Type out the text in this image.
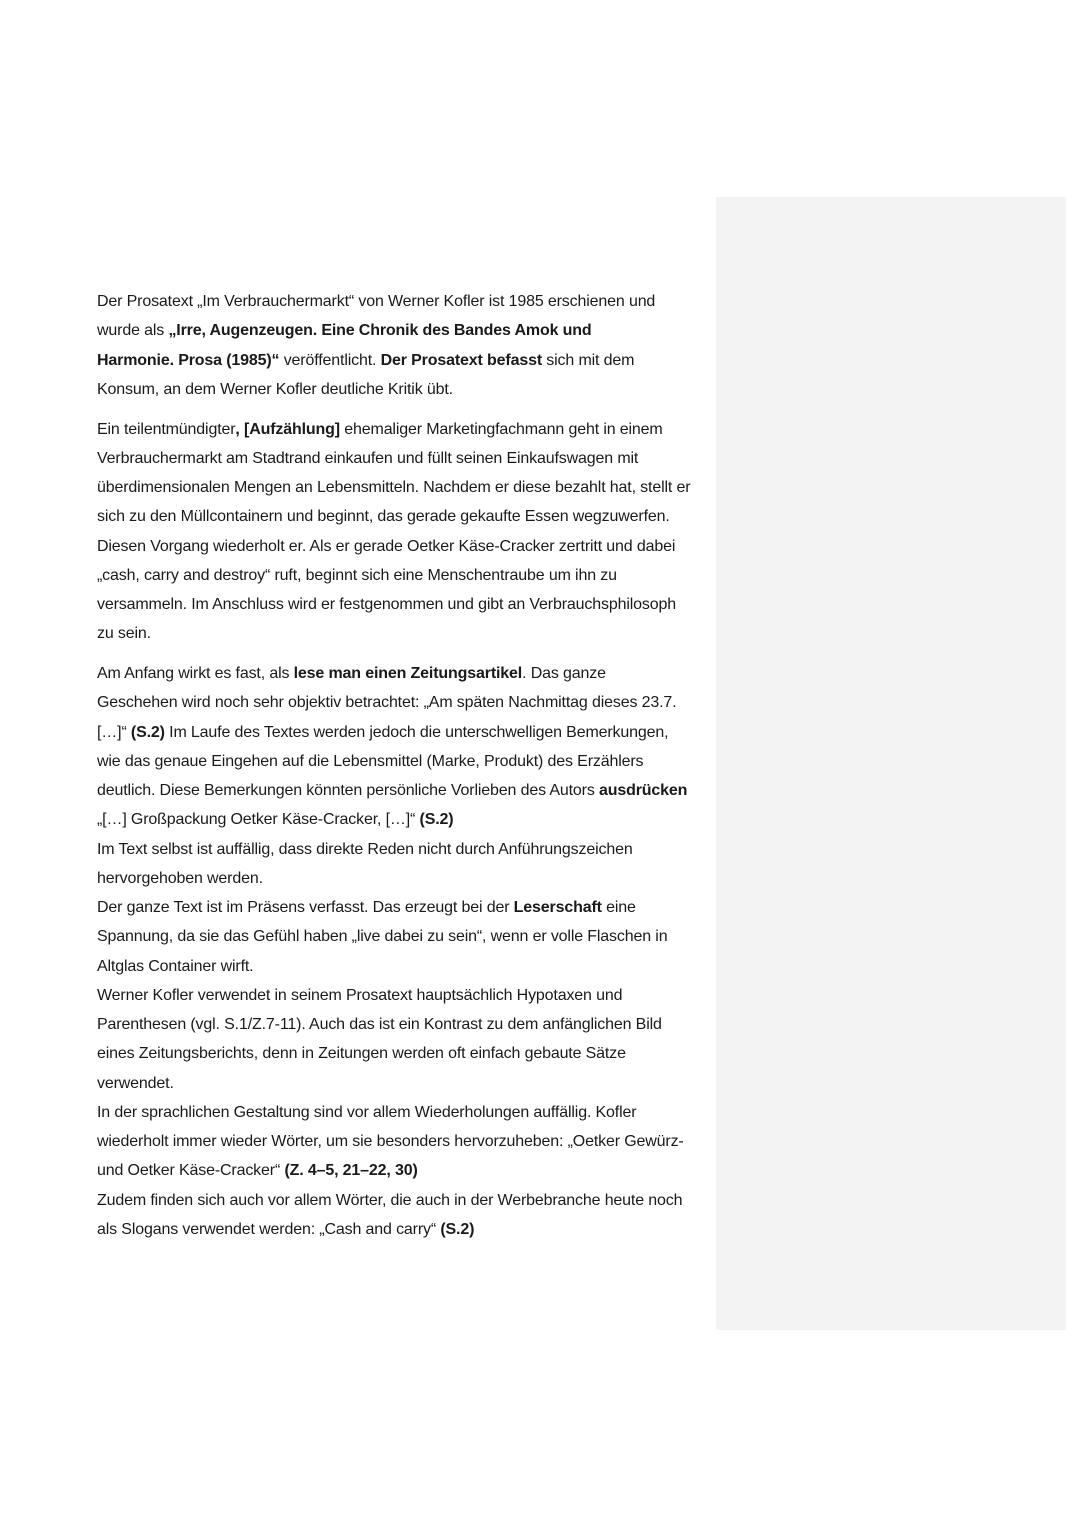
Der Prosatext „Im Verbrauchermarkt“ von Werner Kofler ist 1985 erschienen und
wurde als „Irre, Augenzeugen. Eine Chronik des Bandes Amok und
Harmonie. Prosa (1985)“ veröffentlicht. Der Prosatext befasst sich mit dem
Konsum, an dem Werner Kofler deutliche Kritik übt.
Ein teilentmündigter, [Aufzählung] ehemaliger Marketingfachmann geht in einem
Verbrauchermarkt am Stadtrand einkaufen und füllt seinen Einkaufswagen mit
überdimensionalen Mengen an Lebensmitteln. Nachdem er diese bezahlt hat, stellt er
sich zu den Müllcontainern und beginnt, das gerade gekaufte Essen wegzuwerfen.
Diesen Vorgang wiederholt er. Als er gerade Oetker Käse-Cracker zertritt und dabei
„cash, carry and destroy“ ruft, beginnt sich eine Menschentraube um ihn zu
versammeln. Im Anschluss wird er festgenommen und gibt an Verbrauchsphilosoph
zu sein.
Am Anfang wirkt es fast, als lese man einen Zeitungsartikel. Das ganze
Geschehen wird noch sehr objektiv betrachtet: „Am späten Nachmittag dieses 23.7.
[…]“ (S.2) Im Laufe des Textes werden jedoch die unterschwelligen Bemerkungen,
wie das genaue Eingehen auf die Lebensmittel (Marke, Produkt) des Erzählers
deutlich. Diese Bemerkungen könnten persönliche Vorlieben des Autors ausdrücken
„[…] Großpackung Oetker Käse-Cracker, […]“ (S.2)
Im Text selbst ist auffällig, dass direkte Reden nicht durch Anführungszeichen
hervorgehoben werden.
Der ganze Text ist im Präsens verfasst. Das erzeugt bei der Leserschaft eine
Spannung, da sie das Gefühl haben „live dabei zu sein“, wenn er volle Flaschen in
Altglas Container wirft.
Werner Kofler verwendet in seinem Prosatext hauptsächlich Hypotaxen und
Parenthesen (vgl. S.1/Z.7-11). Auch das ist ein Kontrast zu dem anfänglichen Bild
eines Zeitungsberichts, denn in Zeitungen werden oft einfach gebaute Sätze
verwendet.
In der sprachlichen Gestaltung sind vor allem Wiederholungen auffällig. Kofler
wiederholt immer wieder Wörter, um sie besonders hervorzuheben: „Oetker Gewürz-
und Oetker Käse-Cracker“ (Z. 4–5, 21–22, 30)
Zudem finden sich auch vor allem Wörter, die auch in der Werbebranche heute noch
als Slogans verwendet werden: „Cash and carry“ (S.2)
